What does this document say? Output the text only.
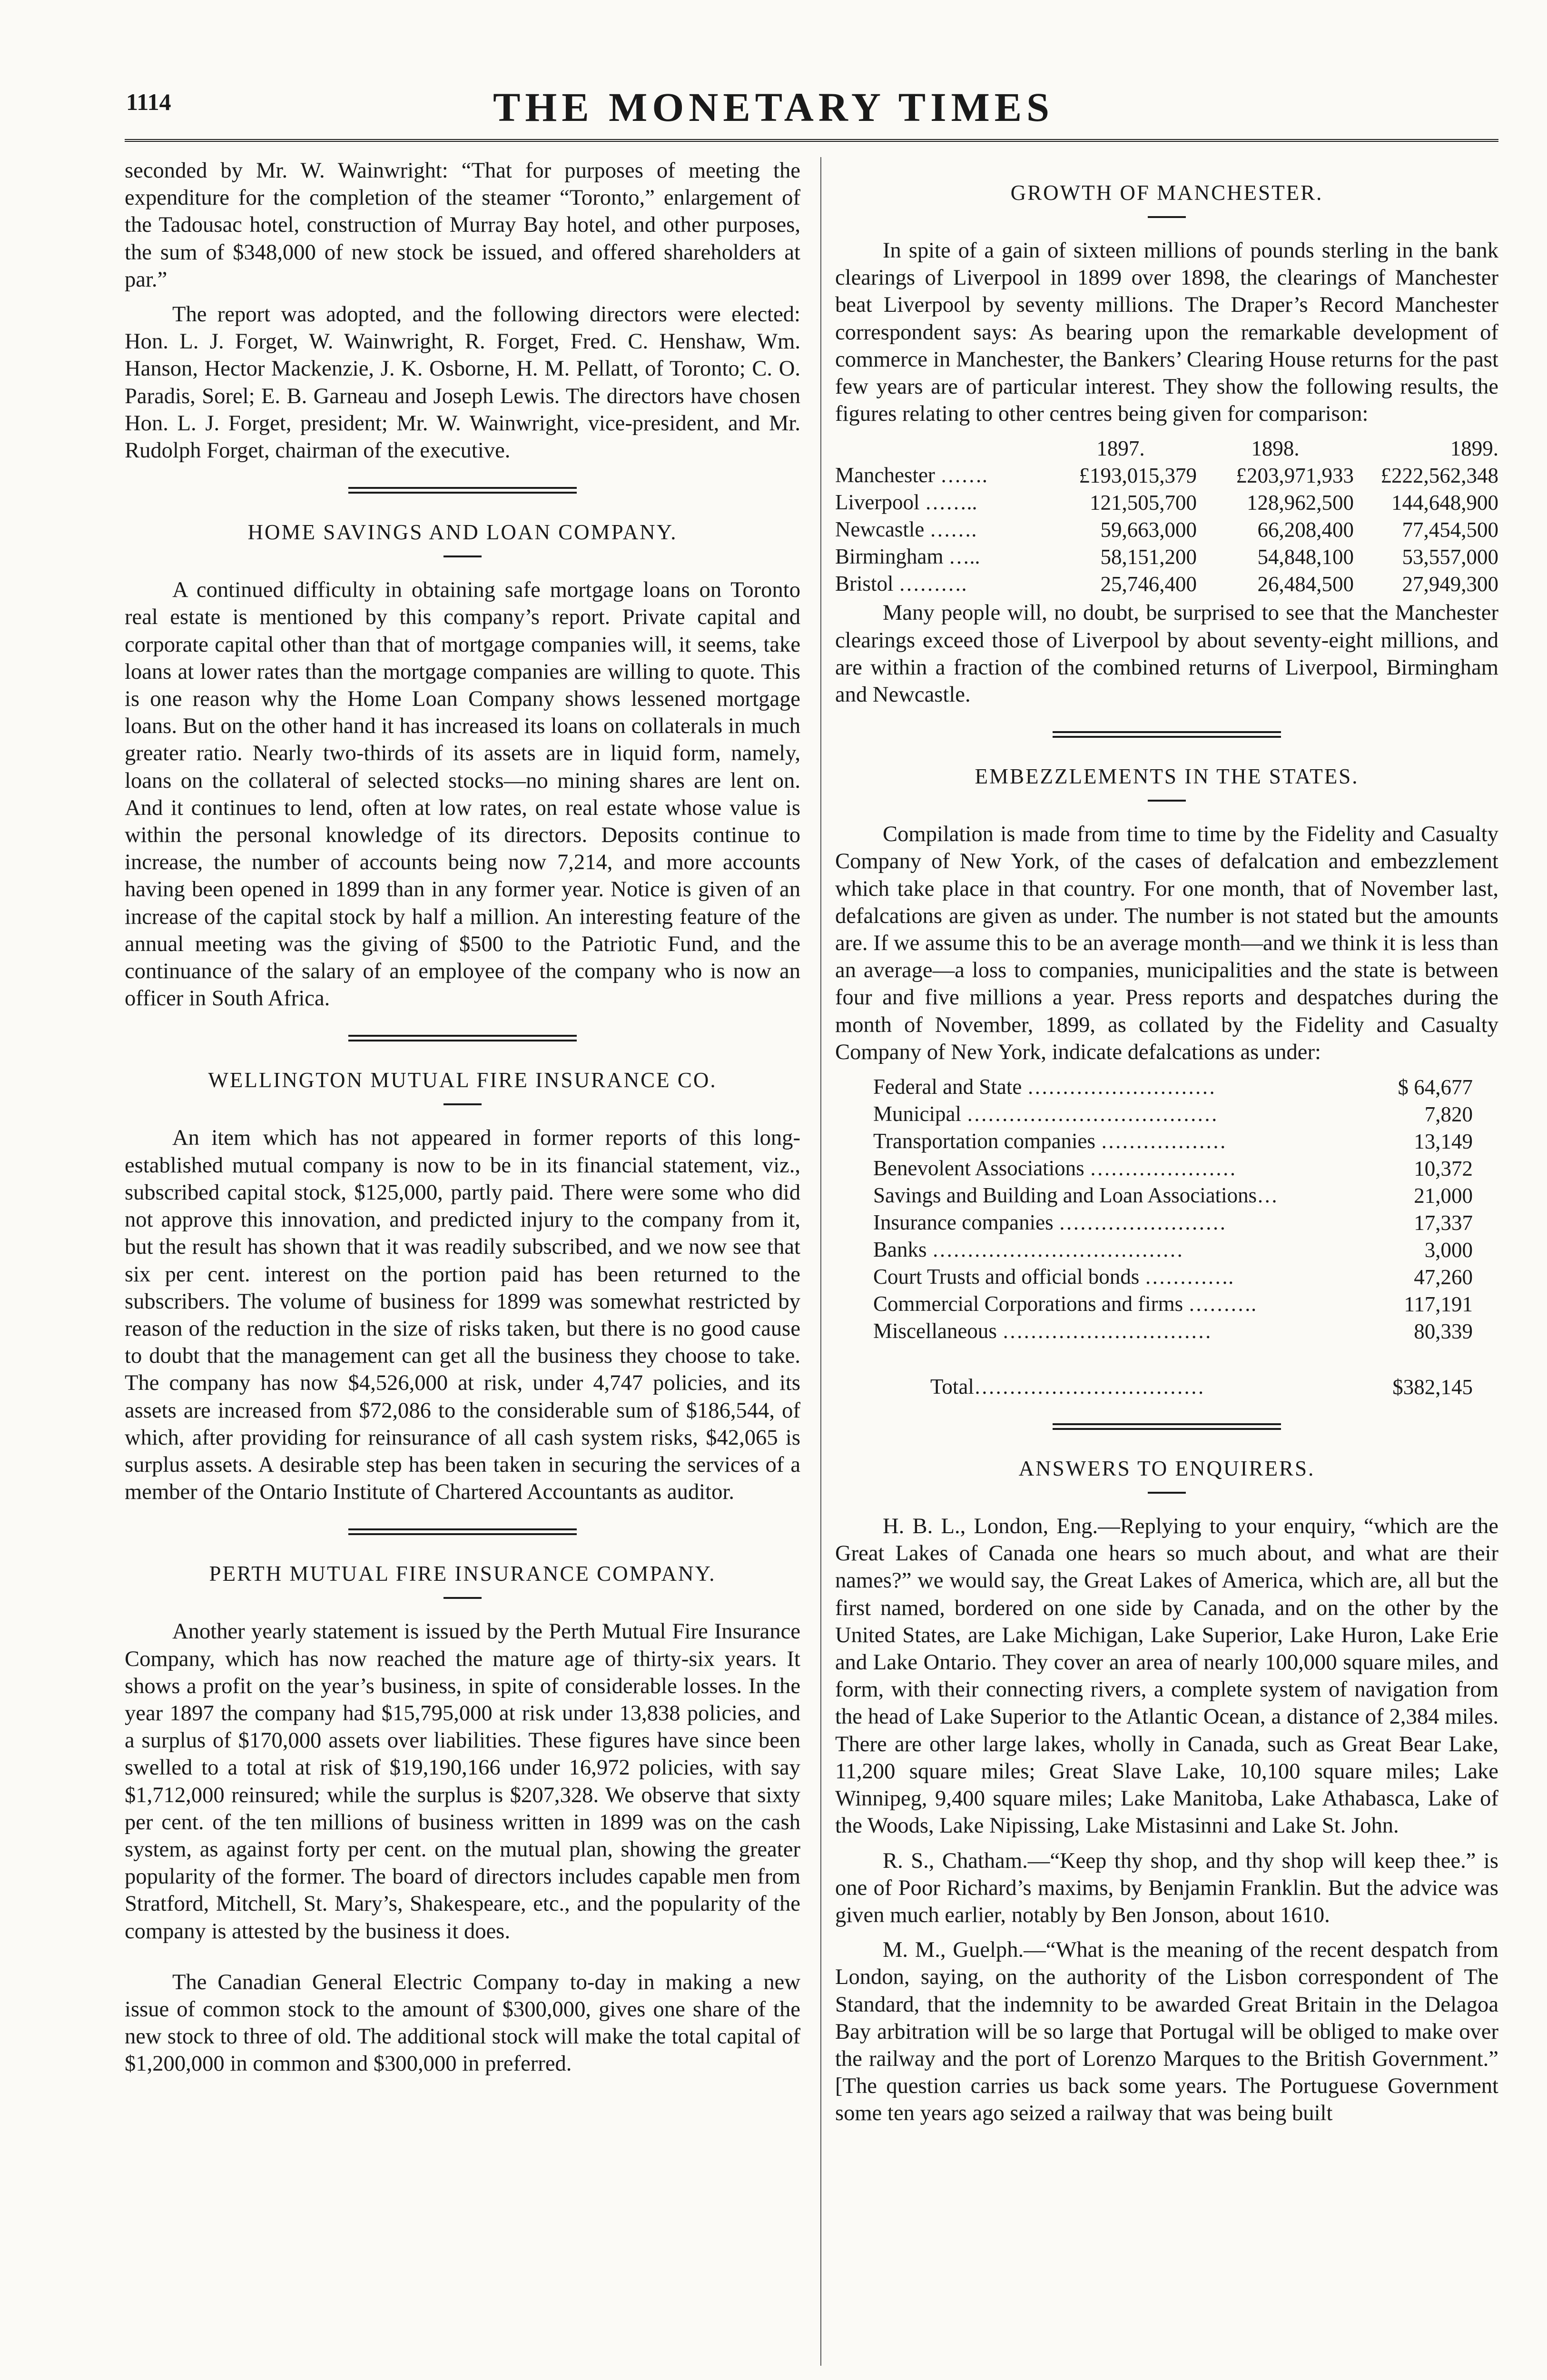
THE MONETARY TIMES
1114

seconded by Mr. W. Wainwright: “That for purposes of meeting the expenditure for the completion of the steamer “Toronto,” enlargement of the Tadousac hotel, construction of Murray Bay hotel, and other purposes, the sum of $348,000 of new stock be issued, and offered shareholders at par.”

The report was adopted, and the following directors were elected: Hon. L. J. Forget, W. Wainwright, R. Forget, Fred. C. Henshaw, Wm. Hanson, Hector Mackenzie, J. K. Osborne, H. M. Pellatt, of Toronto; C. O. Paradis, Sorel; E. B. Garneau and Joseph Lewis. The directors have chosen Hon. L. J. Forget, president; Mr. W. Wainwright, vice-president, and Mr. Rudolph Forget, chairman of the executive.

HOME SAVINGS AND LOAN COMPANY.

A continued difficulty in obtaining safe mortgage loans on Toronto real estate is mentioned by this company’s report. Private capital and corporate capital other than that of mortgage companies will, it seems, take loans at lower rates than the mortgage companies are willing to quote. This is one reason why the Home Loan Company shows lessened mortgage loans. But on the other hand it has increased its loans on collaterals in much greater ratio. Nearly two-thirds of its assets are in liquid form, namely, loans on the collateral of selected stocks—no mining shares are lent on. And it continues to lend, often at low rates, on real estate whose value is within the personal knowledge of its directors. Deposits continue to increase, the number of accounts being now 7,214, and more accounts having been opened in 1899 than in any former year. Notice is given of an increase of the capital stock by half a million. An interesting feature of the annual meeting was the giving of $500 to the Patriotic Fund, and the continuance of the salary of an employee of the company who is now an officer in South Africa.

WELLINGTON MUTUAL FIRE INSURANCE CO.

An item which has not appeared in former reports of this long-established mutual company is now to be in its financial statement, viz., subscribed capital stock, $125,000, partly paid. There were some who did not approve this innovation, and predicted injury to the company from it, but the result has shown that it was readily subscribed, and we now see that six per cent. interest on the portion paid has been returned to the subscribers. The volume of business for 1899 was somewhat restricted by reason of the reduction in the size of risks taken, but there is no good cause to doubt that the management can get all the business they choose to take. The company has now $4,526,000 at risk, under 4,747 policies, and its assets are increased from $72,086 to the considerable sum of $186,544, of which, after providing for reinsurance of all cash system risks, $42,065 is surplus assets. A desirable step has been taken in securing the services of a member of the Ontario Institute of Chartered Accountants as auditor.

PERTH MUTUAL FIRE INSURANCE COMPANY.

Another yearly statement is issued by the Perth Mutual Fire Insurance Company, which has now reached the mature age of thirty-six years. It shows a profit on the year’s business, in spite of considerable losses. In the year 1897 the company had $15,795,000 at risk under 13,838 policies, and a surplus of $170,000 assets over liabilities. These figures have since been swelled to a total at risk of $19,190,166 under 16,972 policies, with say $1,712,000 reinsured; while the surplus is $207,328. We observe that sixty per cent. of the ten millions of business written in 1899 was on the cash system, as against forty per cent. on the mutual plan, showing the greater popularity of the former. The board of directors includes capable men from Stratford, Mitchell, St. Mary’s, Shakespeare, etc., and the popularity of the company is attested by the business it does.

The Canadian General Electric Company to-day in making a new issue of common stock to the amount of $300,000, gives one share of the new stock to three of old. The additional stock will make the total capital of $1,200,000 in common and $300,000 in preferred.

GROWTH OF MANCHESTER.

In spite of a gain of sixteen millions of pounds sterling in the bank clearings of Liverpool in 1899 over 1898, the clearings of Manchester beat Liverpool by seventy millions. The Draper’s Record Manchester correspondent says: As bearing upon the remarkable development of commerce in Manchester, the Bankers’ Clearing House returns for the past few years are of particular interest. They show the following results, the figures relating to other centres being given for comparison:

	1897.	1898.	1899.
Manchester …….	£193,015,379	£203,971,933	£222,562,348
Liverpool ……..	121,505,700	128,962,500	144,648,900
Newcastle …….	59,663,000	66,208,400	77,454,500
Birmingham …..	58,151,200	54,848,100	53,557,000
Bristol ……….	25,746,400	26,484,500	27,949,300

Many people will, no doubt, be surprised to see that the Manchester clearings exceed those of Liverpool by about seventy-eight millions, and are within a fraction of the combined returns of Liverpool, Birmingham and Newcastle.

EMBEZZLEMENTS IN THE STATES.

Compilation is made from time to time by the Fidelity and Casualty Company of New York, of the cases of defalcation and embezzlement which take place in that country. For one month, that of November last, defalcations are given as under. The number is not stated but the amounts are. If we assume this to be an average month—and we think it is less than an average—a loss to companies, municipalities and the state is between four and five millions a year. Press reports and despatches during the month of November, 1899, as collated by the Fidelity and Casualty Company of New York, indicate defalcations as under:

Federal and State ………………………	$ 64,677
Municipal ………………………………	7,820
Transportation companies ………………	13,149
Benevolent Associations …………………	10,372
Savings and Building and Loan Associations…	21,000
Insurance companies ……………………	17,337
Banks ………………………………	3,000
Court Trusts and official bonds ………….	47,260
Commercial Corporations and firms ……….	117,191
Miscellaneous …………………………	80,339
Total……………………………	$382,145
ANSWERS TO ENQUIRERS.

H. B. L., London, Eng.—Replying to your enquiry, “which are the Great Lakes of Canada one hears so much about, and what are their names?” we would say, the Great Lakes of America, which are, all but the first named, bordered on one side by Canada, and on the other by the United States, are Lake Michigan, Lake Superior, Lake Huron, Lake Erie and Lake Ontario. They cover an area of nearly 100,000 square miles, and form, with their connecting rivers, a complete system of navigation from the head of Lake Superior to the Atlantic Ocean, a distance of 2,384 miles. There are other large lakes, wholly in Canada, such as Great Bear Lake, 11,200 square miles; Great Slave Lake, 10,100 square miles; Lake Winnipeg, 9,400 square miles; Lake Manitoba, Lake Athabasca, Lake of the Woods, Lake Nipissing, Lake Mistasinni and Lake St. John.

R. S., Chatham.—“Keep thy shop, and thy shop will keep thee.” is one of Poor Richard’s maxims, by Benjamin Franklin. But the advice was given much earlier, notably by Ben Jonson, about 1610.

M. M., Guelph.—“What is the meaning of the recent despatch from London, saying, on the authority of the Lisbon correspondent of The Standard, that the indemnity to be awarded Great Britain in the Delagoa Bay arbitration will be so large that Portugal will be obliged to make over the railway and the port of Lorenzo Marques to the British Government.” [The question carries us back some years. The Portuguese Government some ten years ago seized a railway that was being built
